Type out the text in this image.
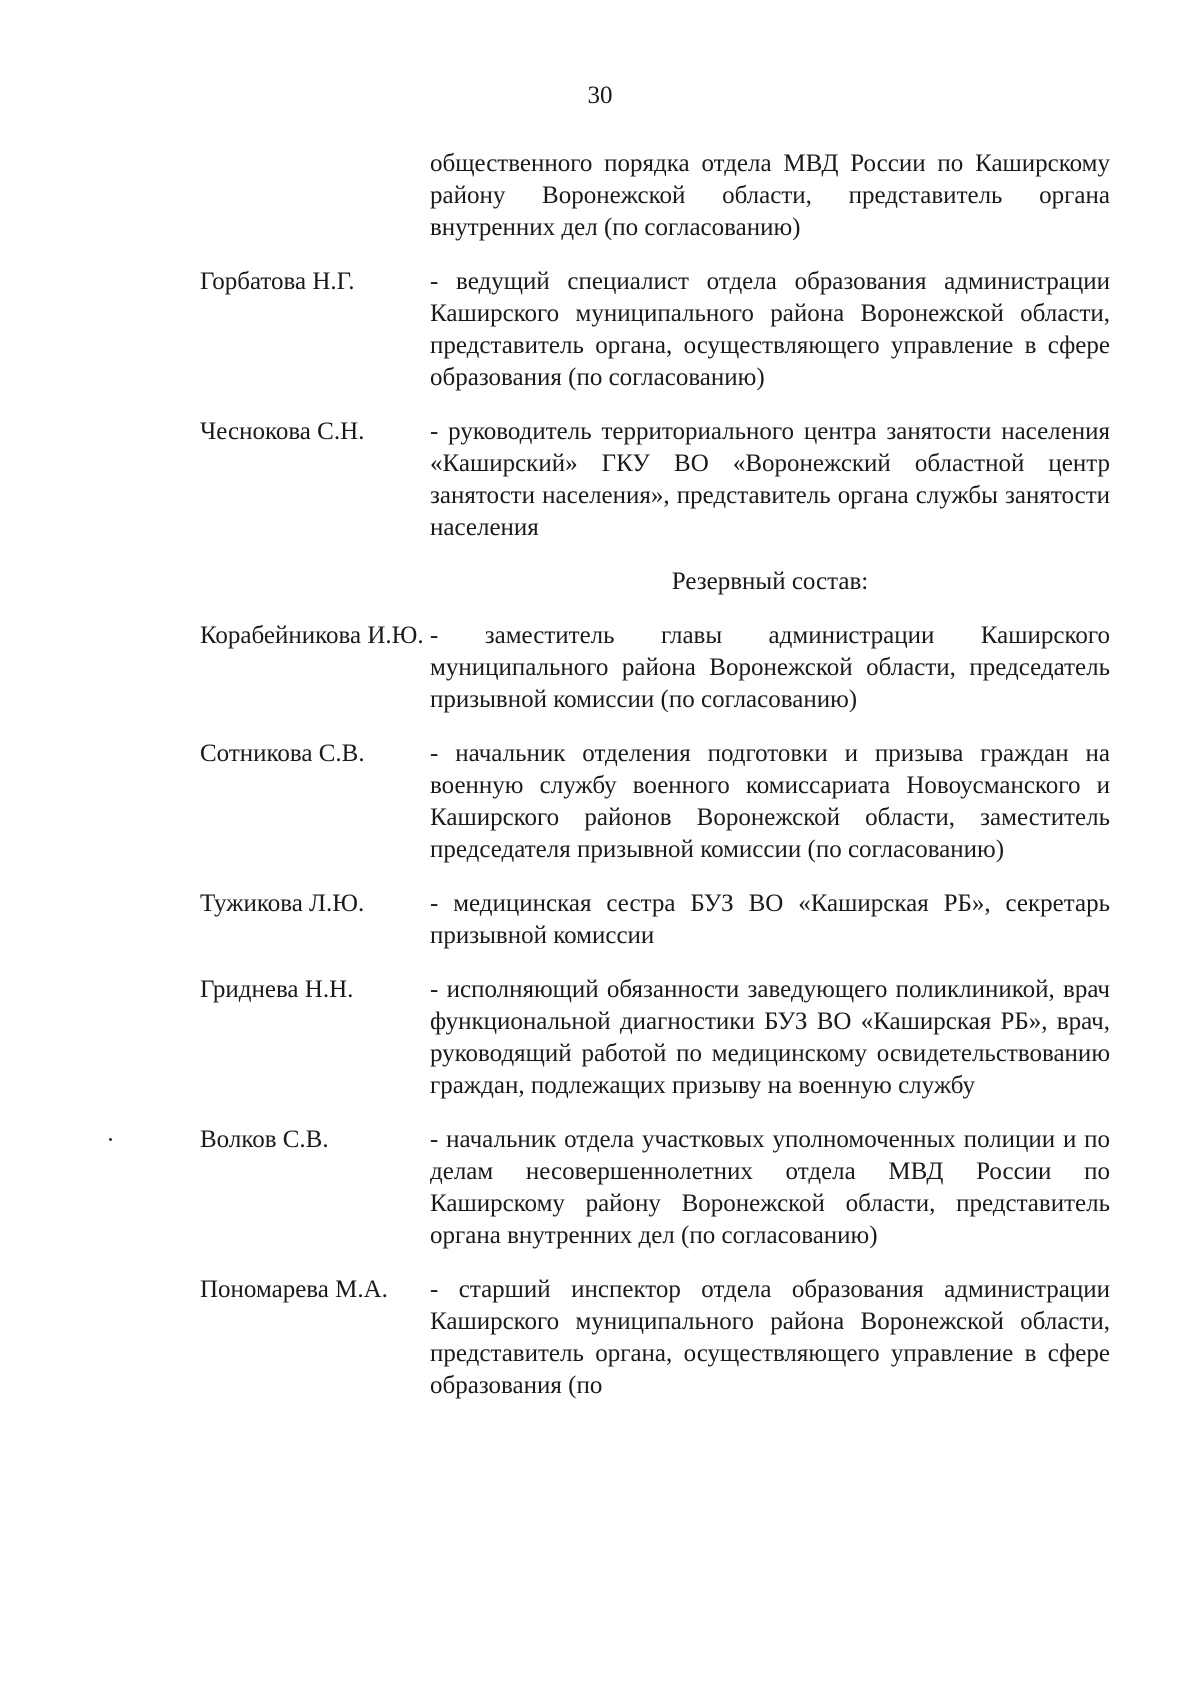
30
общественного порядка отдела МВД России по Каширскому району Воронежской области, представитель органа внутренних дел (по согласованию)
Горбатова Н.Г.	- ведущий специалист отдела образования администрации Каширского муниципального района Воронежской области, представитель органа, осуществляющего управление в сфере образования (по согласованию)
Чеснокова С.Н.	- руководитель территориального центра занятости населения «Каширский» ГКУ ВО «Воронежский областной центр занятости населения», представитель органа службы занятости населения
Резервный состав:
Корабейникова И.Ю. - заместитель главы администрации Каширского муниципального района Воронежской области, председатель призывной комиссии (по согласованию)
Сотникова С.В.	- начальник отделения подготовки и призыва граждан на военную службу военного комиссариата Новоусманского и Каширского районов Воронежской области, заместитель председателя призывной комиссии (по согласованию)
Тужикова Л.Ю.	- медицинская сестра БУЗ ВО «Каширская РБ», секретарь призывной комиссии
Гриднева Н.Н.	- исполняющий обязанности заведующего поликлиникой, врач функциональной диагностики БУЗ ВО «Каширская РБ», врач, руководящий работой по медицинскому освидетельствованию граждан, подлежащих призыву на военную службу
Волков С.В.	- начальник отдела участковых уполномоченных полиции и по делам несовершеннолетних отдела МВД России по Каширскому району Воронежской области, представитель органа внутренних дел (по согласованию)
Пономарева М.А.	- старший инспектор отдела образования администрации Каширского муниципального района Воронежской области, представитель органа, осуществляющего управление в сфере образования (по
